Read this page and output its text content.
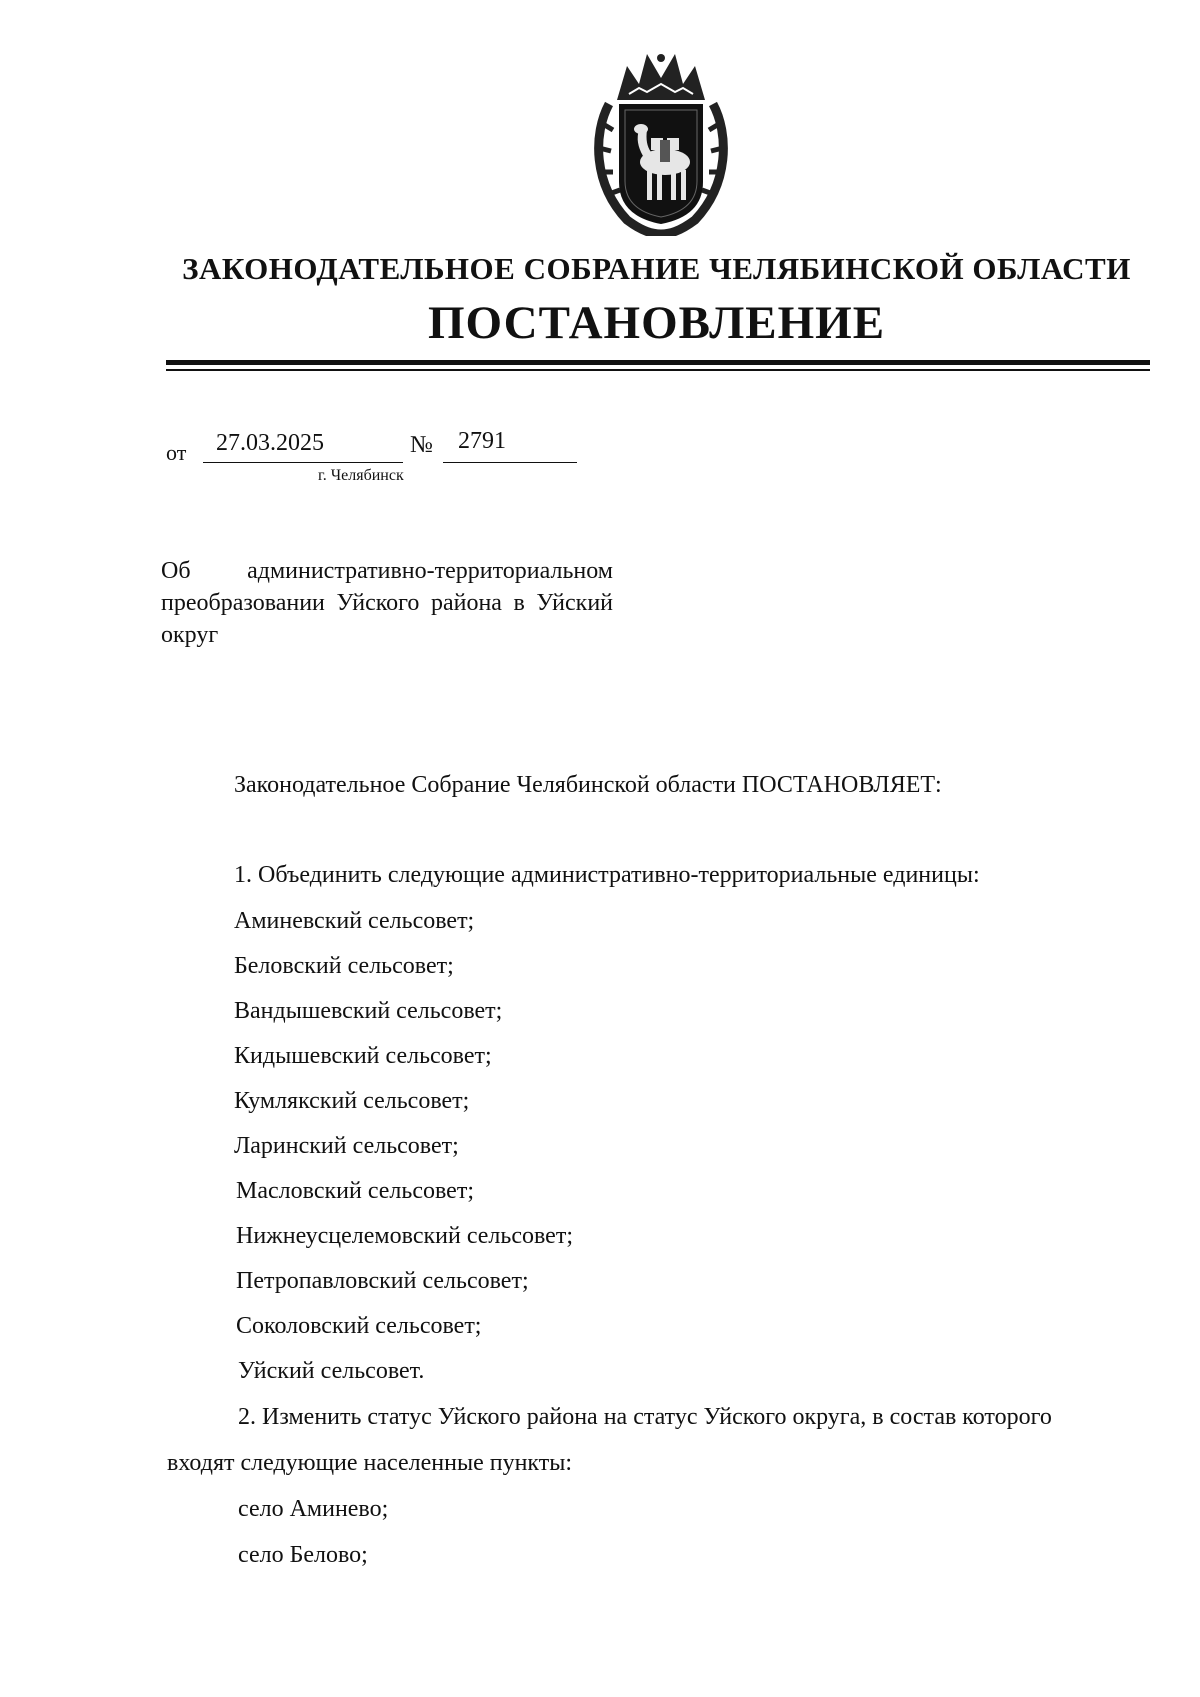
ЗАКОНОДАТЕЛЬНОЕ СОБРАНИЕ ЧЕЛЯБИНСКОЙ ОБЛАСТИ
ПОСТАНОВЛЕНИЕ
от 27.03.2025	№ 2791
г. Челябинск
Об административно-территориальном преобразовании Уйского района в Уйский округ
Законодательное Собрание Челябинской области ПОСТАНОВЛЯЕТ:
1. Объединить следующие административно-территориальные единицы:
Аминевский сельсовет;
Беловский сельсовет;
Вандышевский сельсовет;
Кидышевский сельсовет;
Кумлякский сельсовет;
Ларинский сельсовет;
Масловский сельсовет;
Нижнеусцелемовский сельсовет;
Петропавловский сельсовет;
Соколовский сельсовет;
Уйский сельсовет.
2. Изменить статус Уйского района на статус Уйского округа, в состав которого
входят следующие населенные пункты:
село Аминево;
село Белово;
